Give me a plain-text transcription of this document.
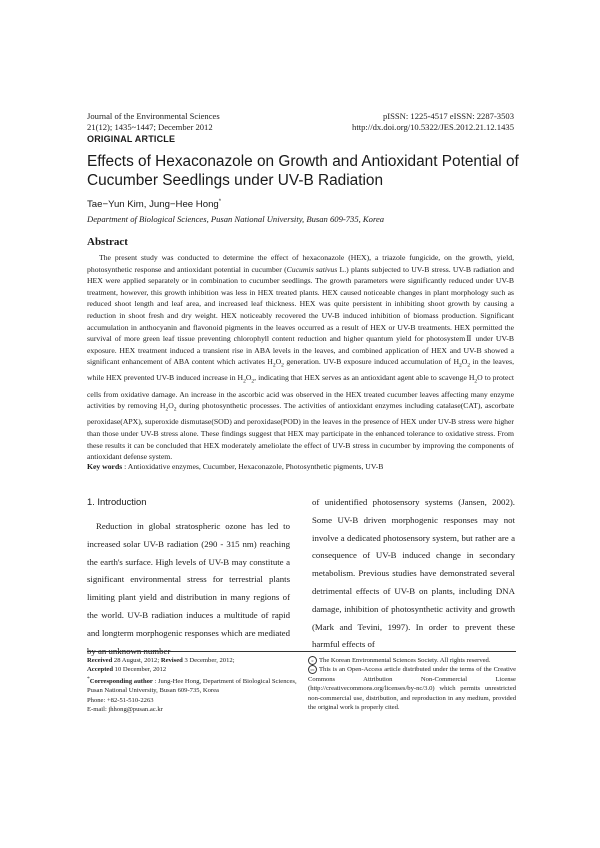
Journal of the Environmental Sciences
21(12); 1435~1447; December 2012
pISSN: 1225-4517 eISSN: 2287-3503
http://dx.doi.org/10.5322/JES.2012.21.12.1435
ORIGINAL ARTICLE
Effects of Hexaconazole on Growth and Antioxidant Potential of Cucumber Seedlings under UV-B Radiation
Tae−Yun Kim, Jung−Hee Hong*
Department of Biological Sciences, Pusan National University, Busan 609-735, Korea
Abstract
The present study was conducted to determine the effect of hexaconazole (HEX), a triazole fungicide, on the growth, yield, photosynthetic response and antioxidant potential in cucumber (Cucumis sativus L.) plants subjected to UV-B stress. UV-B radiation and HEX were applied separately or in combination to cucumber seedlings. The growth parameters were significantly reduced under UV-B treatment, however, this growth inhibition was less in HEX treated plants. HEX caused noticeable changes in plant morphology such as reduced shoot length and leaf area, and increased leaf thickness. HEX was quite persistent in inhibiting shoot growth by causing a reduction in shoot fresh and dry weight. HEX noticeably recovered the UV-B induced inhibition of biomass production. Significant accumulation in anthocyanin and flavonoid pigments in the leaves occurred as a result of HEX or UV-B treatments. HEX permitted the survival of more green leaf tissue preventing chlorophyll content reduction and higher quantum yield for photosystemⅡ under UV-B exposure. HEX treatment induced a transient rise in ABA levels in the leaves, and combined application of HEX and UV-B showed a significant enhancement of ABA content which activates $H_2O_2$ generation. UV-B exposure induced accumulation of $H_2O_2$ in the leaves, while HEX prevented UV-B induced increase in $H_2O_2$, indicating that HEX serves as an antioxidant agent able to scavenge $H_2O$ to protect cells from oxidative damage. An increase in the ascorbic acid was observed in the HEX treated cucumber leaves affecting many enzyme activities by removing $H_2O_2$ during photosynthetic processes. The activities of antioxidant enzymes including catalase(CAT), ascorbate peroxidase(APX), superoxide dismutase(SOD) and peroxidase(POD) in the leaves in the presence of HEX under UV-B stress were higher than those under UV-B stress alone. These findings suggest that HEX may participate in the enhanced tolerance to oxidative stress. From these results it can be concluded that HEX moderately ameliolate the effect of UV-B stress in cucumber by improving the components of antioxidant defense system.
Key words : Antioxidative enzymes, Cucumber, Hexaconazole, Photosynthetic pigments, UV-B
1. Introduction
Reduction in global stratospheric ozone has led to increased solar UV-B radiation (290 - 315 nm) reaching the earth's surface. High levels of UV-B may constitute a significant environmental stress for terrestrial plants limiting plant yield and distribution in many regions of the world. UV-B radiation induces a multitude of rapid and longterm morphogenic responses which are mediated by an unknown number
of unidentified photosensory systems (Jansen, 2002). Some UV-B driven morphogenic responses may not involve a dedicated photosensory system, but rather are a consequence of UV-B induced change in secondary metabolism. Previous studies have demonstrated several detrimental effects of UV-B on plants, including DNA damage, inhibition of photosynthetic activity and growth (Mark and Tevini, 1997). In order to prevent these harmful effects of
Received 28 August, 2012; Revised 3 December, 2012;
Accepted 10 December, 2012
*Corresponding author : Jung-Hee Hong, Department of Biological Sciences, Pusan National University, Busan 609-735, Korea
Phone: +82-51-510-2263
E-mail: jhhong@pusan.ac.kr
c The Korean Environmental Sciences Society. All rights reserved.
cc This is an Open-Access article distributed under the terms of the Creative Commons Attribution Non-Commercial License (http://creativecommons.org/licenses/by-nc/3.0) which permits unrestricted non-commercial use, distribution, and reproduction in any medium, provided the original work is properly cited.
